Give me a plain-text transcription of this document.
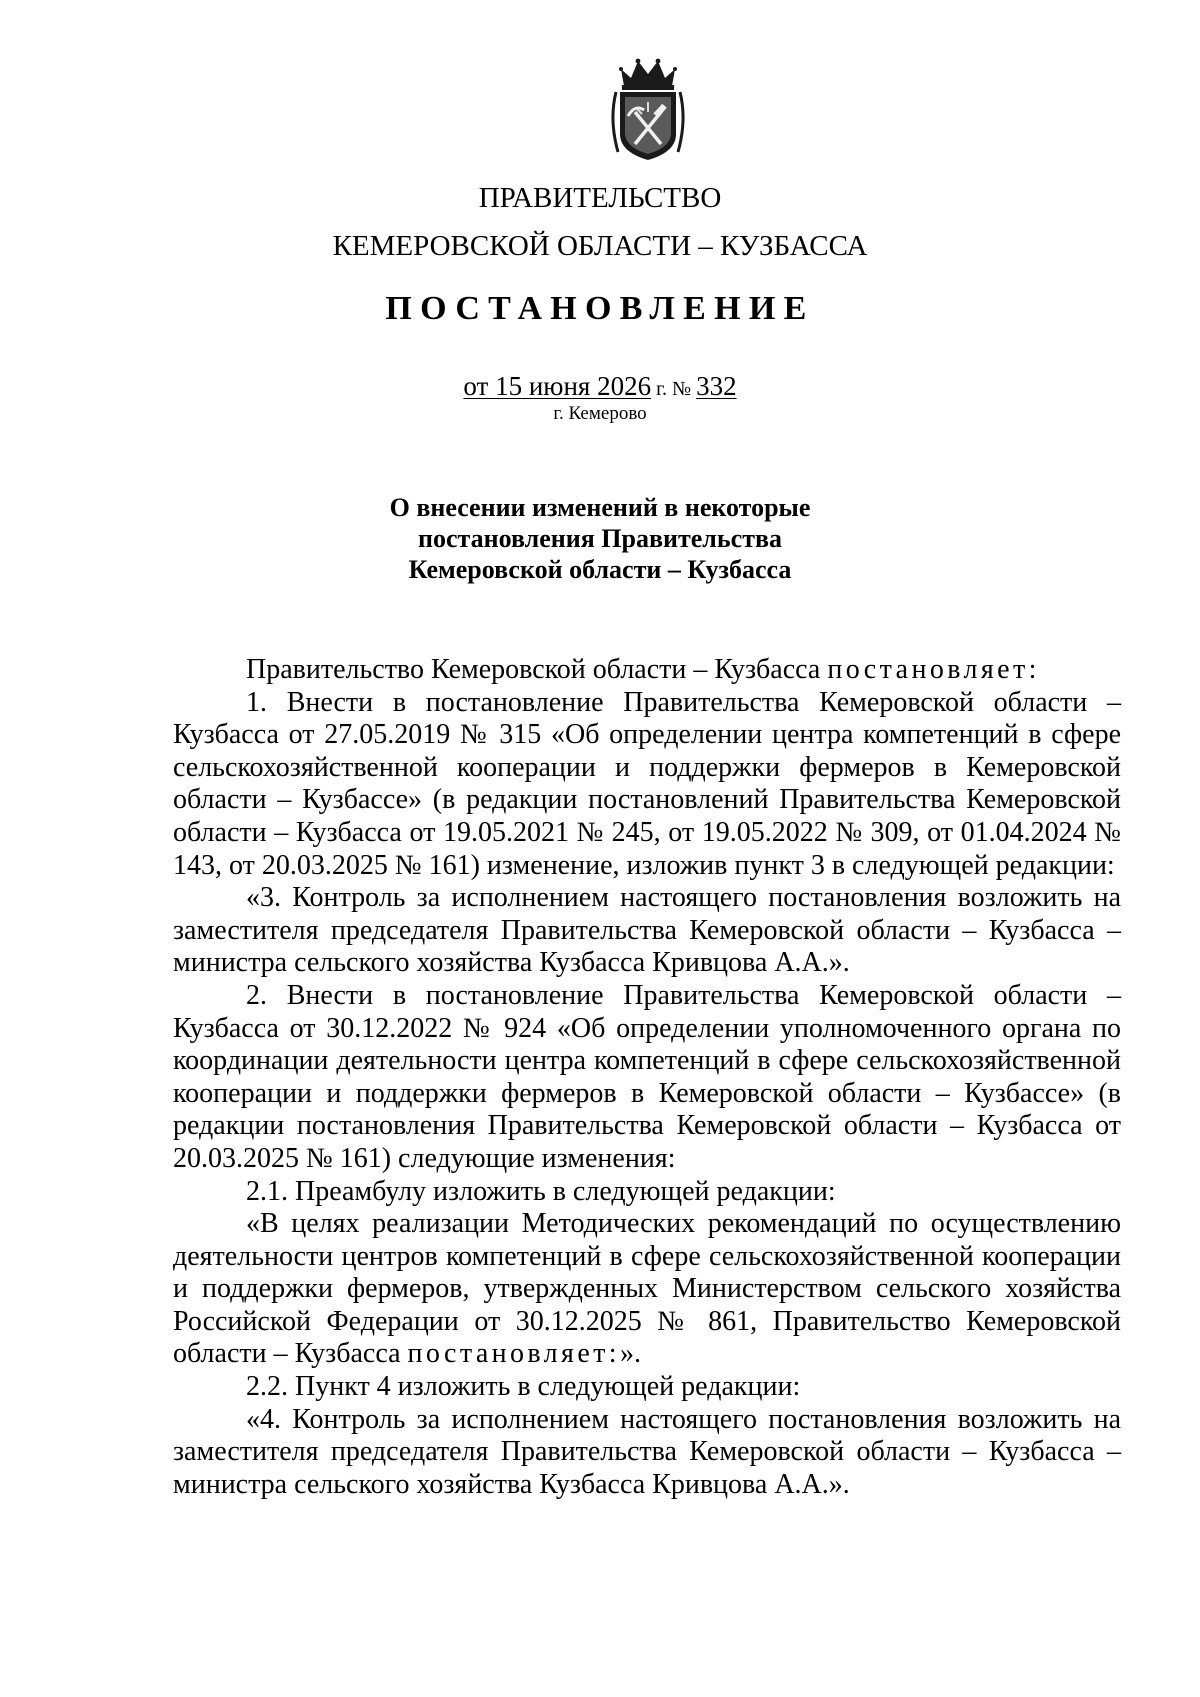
ПРАВИТЕЛЬСТВО
КЕМЕРОВСКОЙ ОБЛАСТИ – КУЗБАССА
ПОСТАНОВЛЕНИЕ
от 15 июня 2026 г. № 332
г. Кемерово
О внесении изменений в некоторые
постановления Правительства
Кемеровской области – Кузбасса

Правительство Кемеровской области – Кузбасса постановляет:

1. Внести в постановление Правительства Кемеровской области – Кузбасса от 27.05.2019 № 315 «Об определении центра компетенций в сфере сельскохозяйственной кооперации и поддержки фермеров в Кемеровской области – Кузбассе» (в редакции постановлений Правительства Кемеровской области – Кузбасса от 19.05.2021 № 245, от 19.05.2022 № 309, от 01.04.2024 № 143, от 20.03.2025 № 161) изменение, изложив пункт 3 в следующей редакции:

«3. Контроль за исполнением настоящего постановления возложить на заместителя председателя Правительства Кемеровской области – Кузбасса – министра сельского хозяйства Кузбасса Кривцова А.А.».

2. Внести в постановление Правительства Кемеровской области – Кузбасса от 30.12.2022 № 924 «Об определении уполномоченного органа по координации деятельности центра компетенций в сфере сельскохозяйственной кооперации и поддержки фермеров в Кемеровской области – Кузбассе» (в редакции постановления Правительства Кемеровской области – Кузбасса от 20.03.2025 № 161) следующие изменения:

2.1. Преамбулу изложить в следующей редакции:

«В целях реализации Методических рекомендаций по осуществлению деятельности центров компетенций в сфере сельскохозяйственной кооперации и поддержки фермеров, утвержденных Министерством сельского хозяйства Российской Федерации от 30.12.2025 № 861, Правительство Кемеровской области – Кузбасса постановляет:».

2.2. Пункт 4 изложить в следующей редакции:

«4. Контроль за исполнением настоящего постановления возложить на заместителя председателя Правительства Кемеровской области – Кузбасса – министра сельского хозяйства Кузбасса Кривцова А.А.».
